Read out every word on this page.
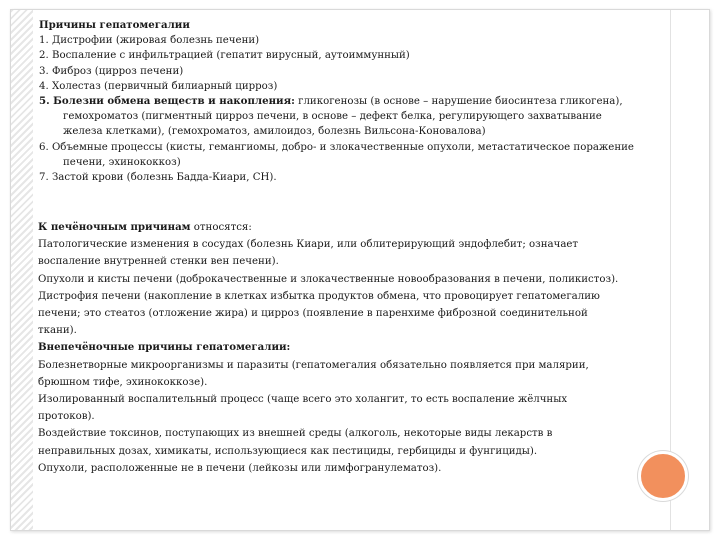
Причины гепатомегалии
1. Дистрофии (жировая болезнь печени)
2. Воспаление с инфильтрацией (гепатит вирусный, аутоиммунный)
3. Фиброз (цирроз печени)
4. Холестаз (первичный билиарный цирроз)
5. Болезни обмена веществ и накопления: гликогенозы (в основе – нарушение биосинтеза гликогена),
гемохроматоз (пигментный цирроз печени, в основе – дефект белка, регулирующего захватывание
железа клетками), (гемохроматоз, амилоидоз, болезнь Вильсона-Коновалова)
6. Объемные процессы (кисты, гемангиомы, добро- и злокачественные опухоли, метастатическое поражение
печени, эхинококкоз)
7. Застой крови (болезнь Бадда-Киари, СН).
К печёночным причинам относятся:
Патологические изменения в сосудах (болезнь Киари, или облитерирующий эндофлебит; означает
воспаление внутренней стенки вен печени).
Опухоли и кисты печени (доброкачественные и злокачественные новообразования в печени, поликистоз).
Дистрофия печени (накопление в клетках избытка продуктов обмена, что провоцирует гепатомегалию
печени; это стеатоз (отложение жира) и цирроз (появление в паренхиме фиброзной соединительной
ткани).
Внепечёночные причины гепатомегалии:
Болезнетворные микроорганизмы и паразиты (гепатомегалия обязательно появляется при малярии,
брюшном тифе, эхинококкозе).
Изолированный воспалительный процесс (чаще всего это холангит, то есть воспаление жёлчных
протоков).
Воздействие токсинов, поступающих из внешней среды (алкоголь, некоторые виды лекарств в
неправильных дозах, химикаты, использующиеся как пестициды, гербициды и фунгициды).
Опухоли, расположенные не в печени (лейкозы или лимфогранулематоз).
